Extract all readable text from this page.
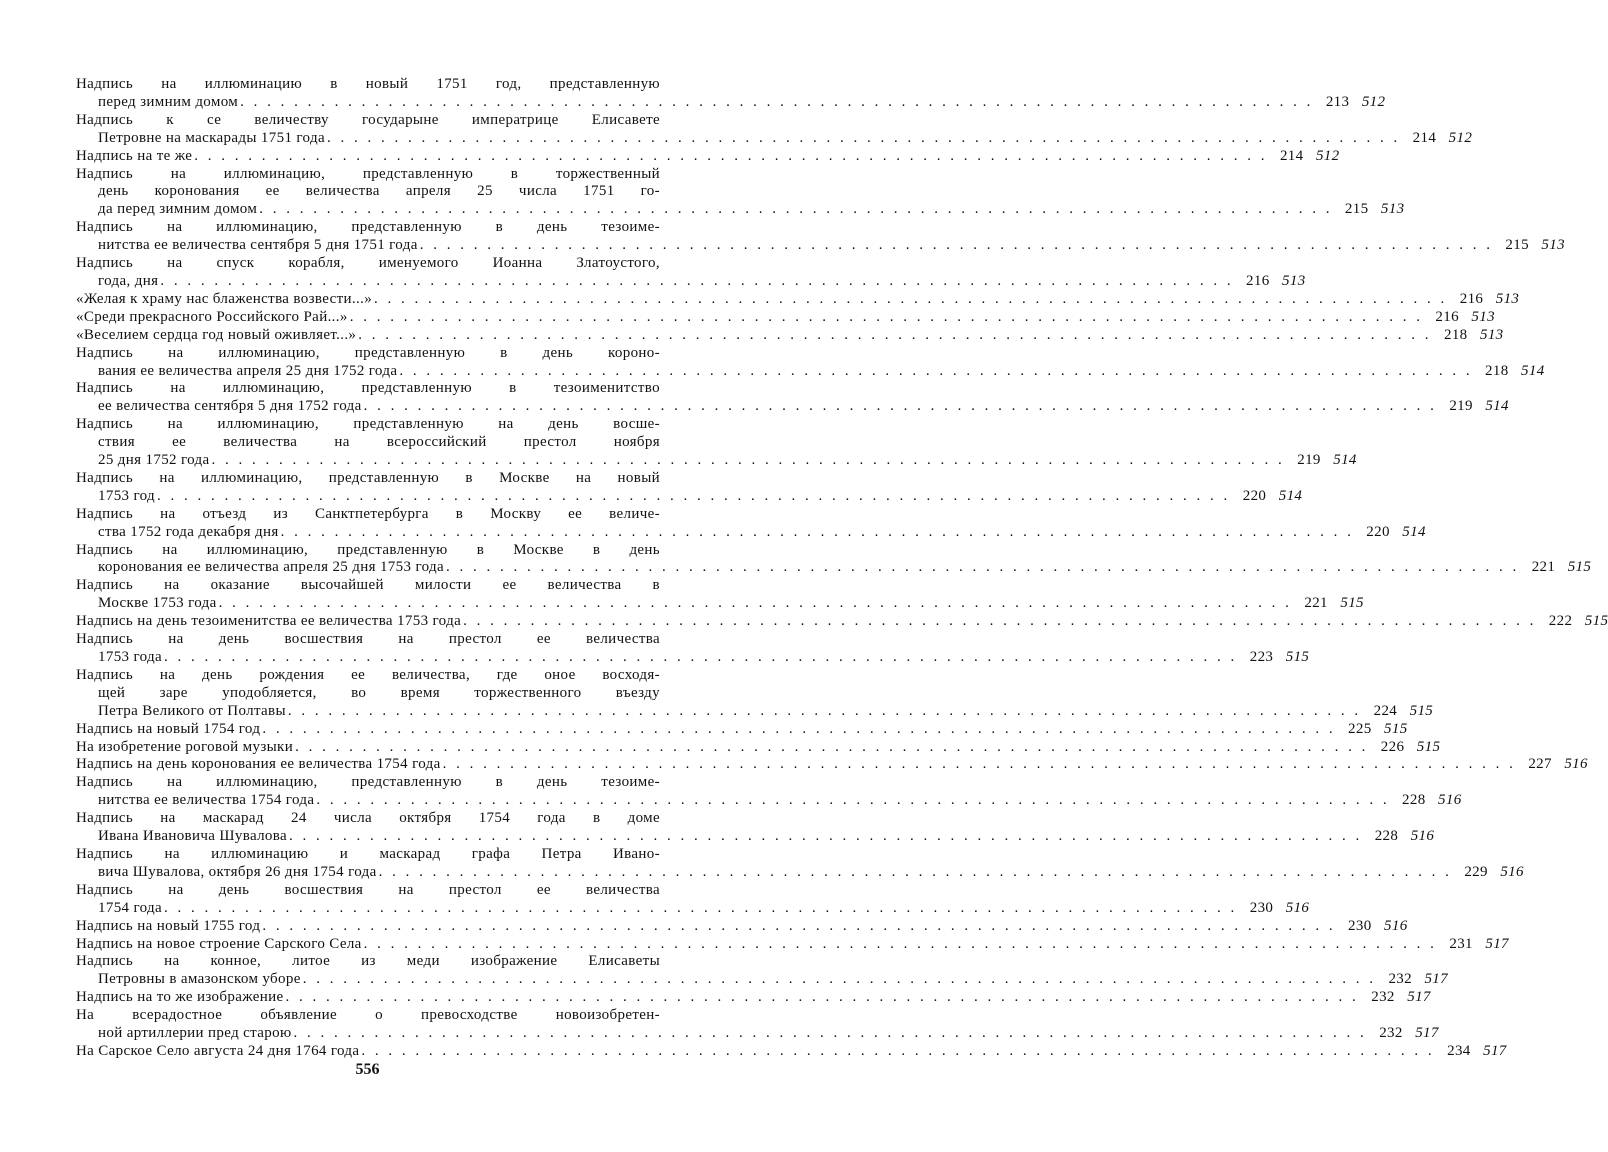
Надпись на иллюминацию в новый 1751 год, представленную
перед зимним домом . . . . . . . . . . . . . . . . . . . . . . . . . . . . . . . . . . . . . . . . . . . . . . . . . . . . . . . . . . . . . . . . . . . . . . . . . . . . . . . . 213 512
Надпись к се величеству государыне императрице Елисавете
Петровне на маскарады 1751 года . . . . . . . . . . . . . . . . . . . . . . . . . . . . . . . . . . . . . . . . . . . . . . . . . . . . . . . . . . . . . . . . . . . . . . . . . . . . . . . . 214 512
Надпись на те же . . . . . . . . . . . . . . . . . . . . . . . . . . . . . . . . . . . . . . . . . . . . . . . . . . . . . . . . . . . . . . . . . . . . . . . . . . . . . . . . 214 512
Надпись на иллюминацию, представленную в торжественный
день коронования ее величества апреля 25 числа 1751 го-
да перед зимним домом . . . . . . . . . . . . . . . . . . . . . . . . . . . . . . . . . . . . . . . . . . . . . . . . . . . . . . . . . . . . . . . . . . . . . . . . . . . . . . . . 215 513
Надпись на иллюминацию, представленную в день тезоиме-
нитства ее величества сентября 5 дня 1751 года . . . . . . . . . . . . . . . . . . . . . . . . . . . . . . . . . . . . . . . . . . . . . . . . . . . . . . . . . . . . . . . . . . . . . . . . . . . . . . . . 215 513
Надпись на спуск корабля, именуемого Иоанна Златоустого,
года, дня . . . . . . . . . . . . . . . . . . . . . . . . . . . . . . . . . . . . . . . . . . . . . . . . . . . . . . . . . . . . . . . . . . . . . . . . . . . . . . . . 216 513
«Желая к храму нас блаженства возвести...» . . . . . . . . . . . . . . . . . . . . . . . . . . . . . . . . . . . . . . . . . . . . . . . . . . . . . . . . . . . . . . . . . . . . . . . . . . . . . . . . 216 513
«Среди прекрасного Российского Рай...» . . . . . . . . . . . . . . . . . . . . . . . . . . . . . . . . . . . . . . . . . . . . . . . . . . . . . . . . . . . . . . . . . . . . . . . . . . . . . . . . 216 513
«Веселием сердца год новый оживляет...» . . . . . . . . . . . . . . . . . . . . . . . . . . . . . . . . . . . . . . . . . . . . . . . . . . . . . . . . . . . . . . . . . . . . . . . . . . . . . . . . 218 513
Надпись на иллюминацию, представленную в день короно-
вания ее величества апреля 25 дня 1752 года . . . . . . . . . . . . . . . . . . . . . . . . . . . . . . . . . . . . . . . . . . . . . . . . . . . . . . . . . . . . . . . . . . . . . . . . . . . . . . . . 218 514
Надпись на иллюминацию, представленную в тезоименитство
ее величества сентября 5 дня 1752 года . . . . . . . . . . . . . . . . . . . . . . . . . . . . . . . . . . . . . . . . . . . . . . . . . . . . . . . . . . . . . . . . . . . . . . . . . . . . . . . . 219 514
Надпись на иллюминацию, представленную на день восше-
ствия ее величества на всероссийский престол ноября
25 дня 1752 года . . . . . . . . . . . . . . . . . . . . . . . . . . . . . . . . . . . . . . . . . . . . . . . . . . . . . . . . . . . . . . . . . . . . . . . . . . . . . . . . 219 514
Надпись на иллюминацию, представленную в Москве на новый
1753 год . . . . . . . . . . . . . . . . . . . . . . . . . . . . . . . . . . . . . . . . . . . . . . . . . . . . . . . . . . . . . . . . . . . . . . . . . . . . . . . . 220 514
Надпись на отъезд из Санктпетербурга в Москву ее величе-
ства 1752 года декабря дня . . . . . . . . . . . . . . . . . . . . . . . . . . . . . . . . . . . . . . . . . . . . . . . . . . . . . . . . . . . . . . . . . . . . . . . . . . . . . . . . 220 514
Надпись на иллюминацию, представленную в Москве в день
коронования ее величества апреля 25 дня 1753 года . . . . . . . . . . . . . . . . . . . . . . . . . . . . . . . . . . . . . . . . . . . . . . . . . . . . . . . . . . . . . . . . . . . . . . . . . . . . . . . . 221 515
Надпись на оказание высочайшей милости ее величества в
Москве 1753 года . . . . . . . . . . . . . . . . . . . . . . . . . . . . . . . . . . . . . . . . . . . . . . . . . . . . . . . . . . . . . . . . . . . . . . . . . . . . . . . . 221 515
Надпись на день тезоименитства ее величества 1753 года . . . . . . . . . . . . . . . . . . . . . . . . . . . . . . . . . . . . . . . . . . . . . . . . . . . . . . . . . . . . . . . . . . . . . . . . . . . . . . . . 222 515
Надпись на день восшествия на престол ее величества
1753 года . . . . . . . . . . . . . . . . . . . . . . . . . . . . . . . . . . . . . . . . . . . . . . . . . . . . . . . . . . . . . . . . . . . . . . . . . . . . . . . . 223 515
Надпись на день рождения ее величества, где оное восходя-
щей заре уподобляется, во время торжественного въезду
Петра Великого от Полтавы . . . . . . . . . . . . . . . . . . . . . . . . . . . . . . . . . . . . . . . . . . . . . . . . . . . . . . . . . . . . . . . . . . . . . . . . . . . . . . . . 224 515
Надпись на новый 1754 год . . . . . . . . . . . . . . . . . . . . . . . . . . . . . . . . . . . . . . . . . . . . . . . . . . . . . . . . . . . . . . . . . . . . . . . . . . . . . . . . 225 515
На изобретение роговой музыки . . . . . . . . . . . . . . . . . . . . . . . . . . . . . . . . . . . . . . . . . . . . . . . . . . . . . . . . . . . . . . . . . . . . . . . . . . . . . . . . 226 515
Надпись на день коронования ее величества 1754 года . . . . . . . . . . . . . . . . . . . . . . . . . . . . . . . . . . . . . . . . . . . . . . . . . . . . . . . . . . . . . . . . . . . . . . . . . . . . . . . . 227 516
Надпись на иллюминацию, представленную в день тезоиме-
нитства ее величества 1754 года . . . . . . . . . . . . . . . . . . . . . . . . . . . . . . . . . . . . . . . . . . . . . . . . . . . . . . . . . . . . . . . . . . . . . . . . . . . . . . . . 228 516
Надпись на маскарад 24 числа октября 1754 года в доме
Ивана Ивановича Шувалова . . . . . . . . . . . . . . . . . . . . . . . . . . . . . . . . . . . . . . . . . . . . . . . . . . . . . . . . . . . . . . . . . . . . . . . . . . . . . . . . 228 516
Надпись на иллюминацию и маскарад графа Петра Ивано-
вича Шувалова, октября 26 дня 1754 года . . . . . . . . . . . . . . . . . . . . . . . . . . . . . . . . . . . . . . . . . . . . . . . . . . . . . . . . . . . . . . . . . . . . . . . . . . . . . . . . 229 516
Надпись на день восшествия на престол ее величества
1754 года . . . . . . . . . . . . . . . . . . . . . . . . . . . . . . . . . . . . . . . . . . . . . . . . . . . . . . . . . . . . . . . . . . . . . . . . . . . . . . . . 230 516
Надпись на новый 1755 год . . . . . . . . . . . . . . . . . . . . . . . . . . . . . . . . . . . . . . . . . . . . . . . . . . . . . . . . . . . . . . . . . . . . . . . . . . . . . . . . 230 516
Надпись на новое строение Сарского Села . . . . . . . . . . . . . . . . . . . . . . . . . . . . . . . . . . . . . . . . . . . . . . . . . . . . . . . . . . . . . . . . . . . . . . . . . . . . . . . . 231 517
Надпись на конное, литое из меди изображение Елисаветы
Петровны в амазонском уборе . . . . . . . . . . . . . . . . . . . . . . . . . . . . . . . . . . . . . . . . . . . . . . . . . . . . . . . . . . . . . . . . . . . . . . . . . . . . . . . . 232 517
Надпись на то же изображение . . . . . . . . . . . . . . . . . . . . . . . . . . . . . . . . . . . . . . . . . . . . . . . . . . . . . . . . . . . . . . . . . . . . . . . . . . . . . . . . 232 517
На всерадостное объявление о превосходстве новоизобретен-
ной артиллерии пред старою . . . . . . . . . . . . . . . . . . . . . . . . . . . . . . . . . . . . . . . . . . . . . . . . . . . . . . . . . . . . . . . . . . . . . . . . . . . . . . . . 232 517
На Сарское Село августа 24 дня 1764 года . . . . . . . . . . . . . . . . . . . . . . . . . . . . . . . . . . . . . . . . . . . . . . . . . . . . . . . . . . . . . . . . . . . . . . . . . . . . . . . . 234 517
556
